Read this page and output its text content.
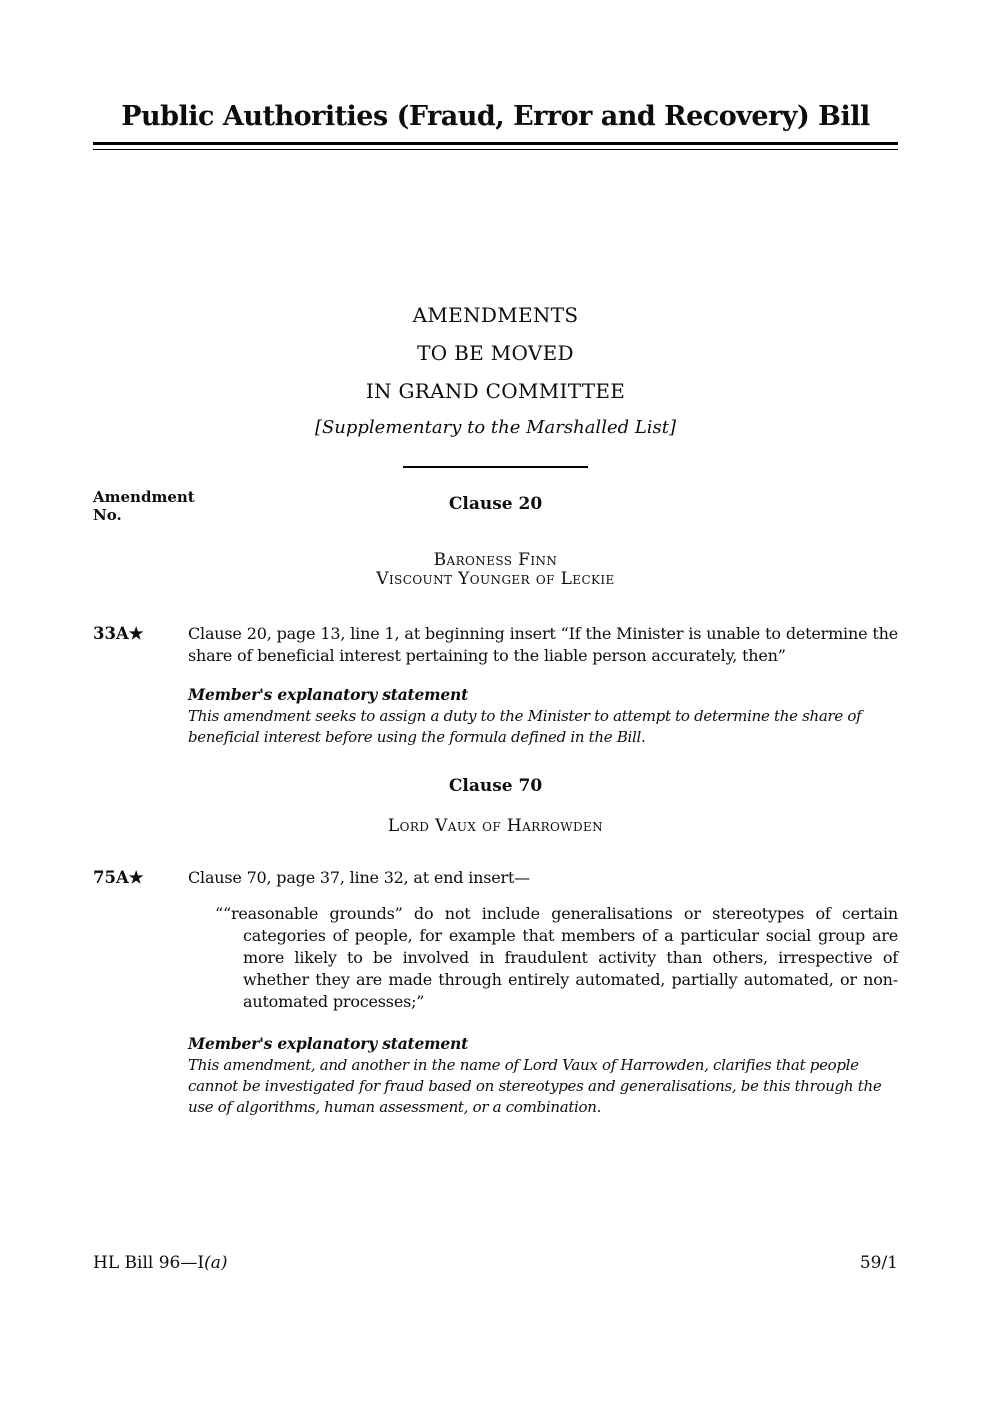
Public Authorities (Fraud, Error and Recovery) Bill
AMENDMENTS
TO BE MOVED
IN GRAND COMMITTEE
[Supplementary to the Marshalled List]
Amendment
No.
Clause 20
Baroness Finn
Viscount Younger of Leckie
33A★	Clause 20, page 13, line 1, at beginning insert “If the Minister is unable to determine the share of beneficial interest pertaining to the liable person accurately, then”

Member's explanatory statement
This amendment seeks to assign a duty to the Minister to attempt to determine the share of beneficial interest before using the formula defined in the Bill.
Clause 70
Lord Vaux of Harrowden
75A★	Clause 70, page 37, line 32, at end insert—

““reasonable grounds” do not include generalisations or stereotypes of certain categories of people, for example that members of a particular social group are more likely to be involved in fraudulent activity than others, irrespective of whether they are made through entirely automated, partially automated, or non-automated processes;”

Member's explanatory statement
This amendment, and another in the name of Lord Vaux of Harrowden, clarifies that people cannot be investigated for fraud based on stereotypes and generalisations, be this through the use of algorithms, human assessment, or a combination.
HL Bill 96—I(a)	59/1
